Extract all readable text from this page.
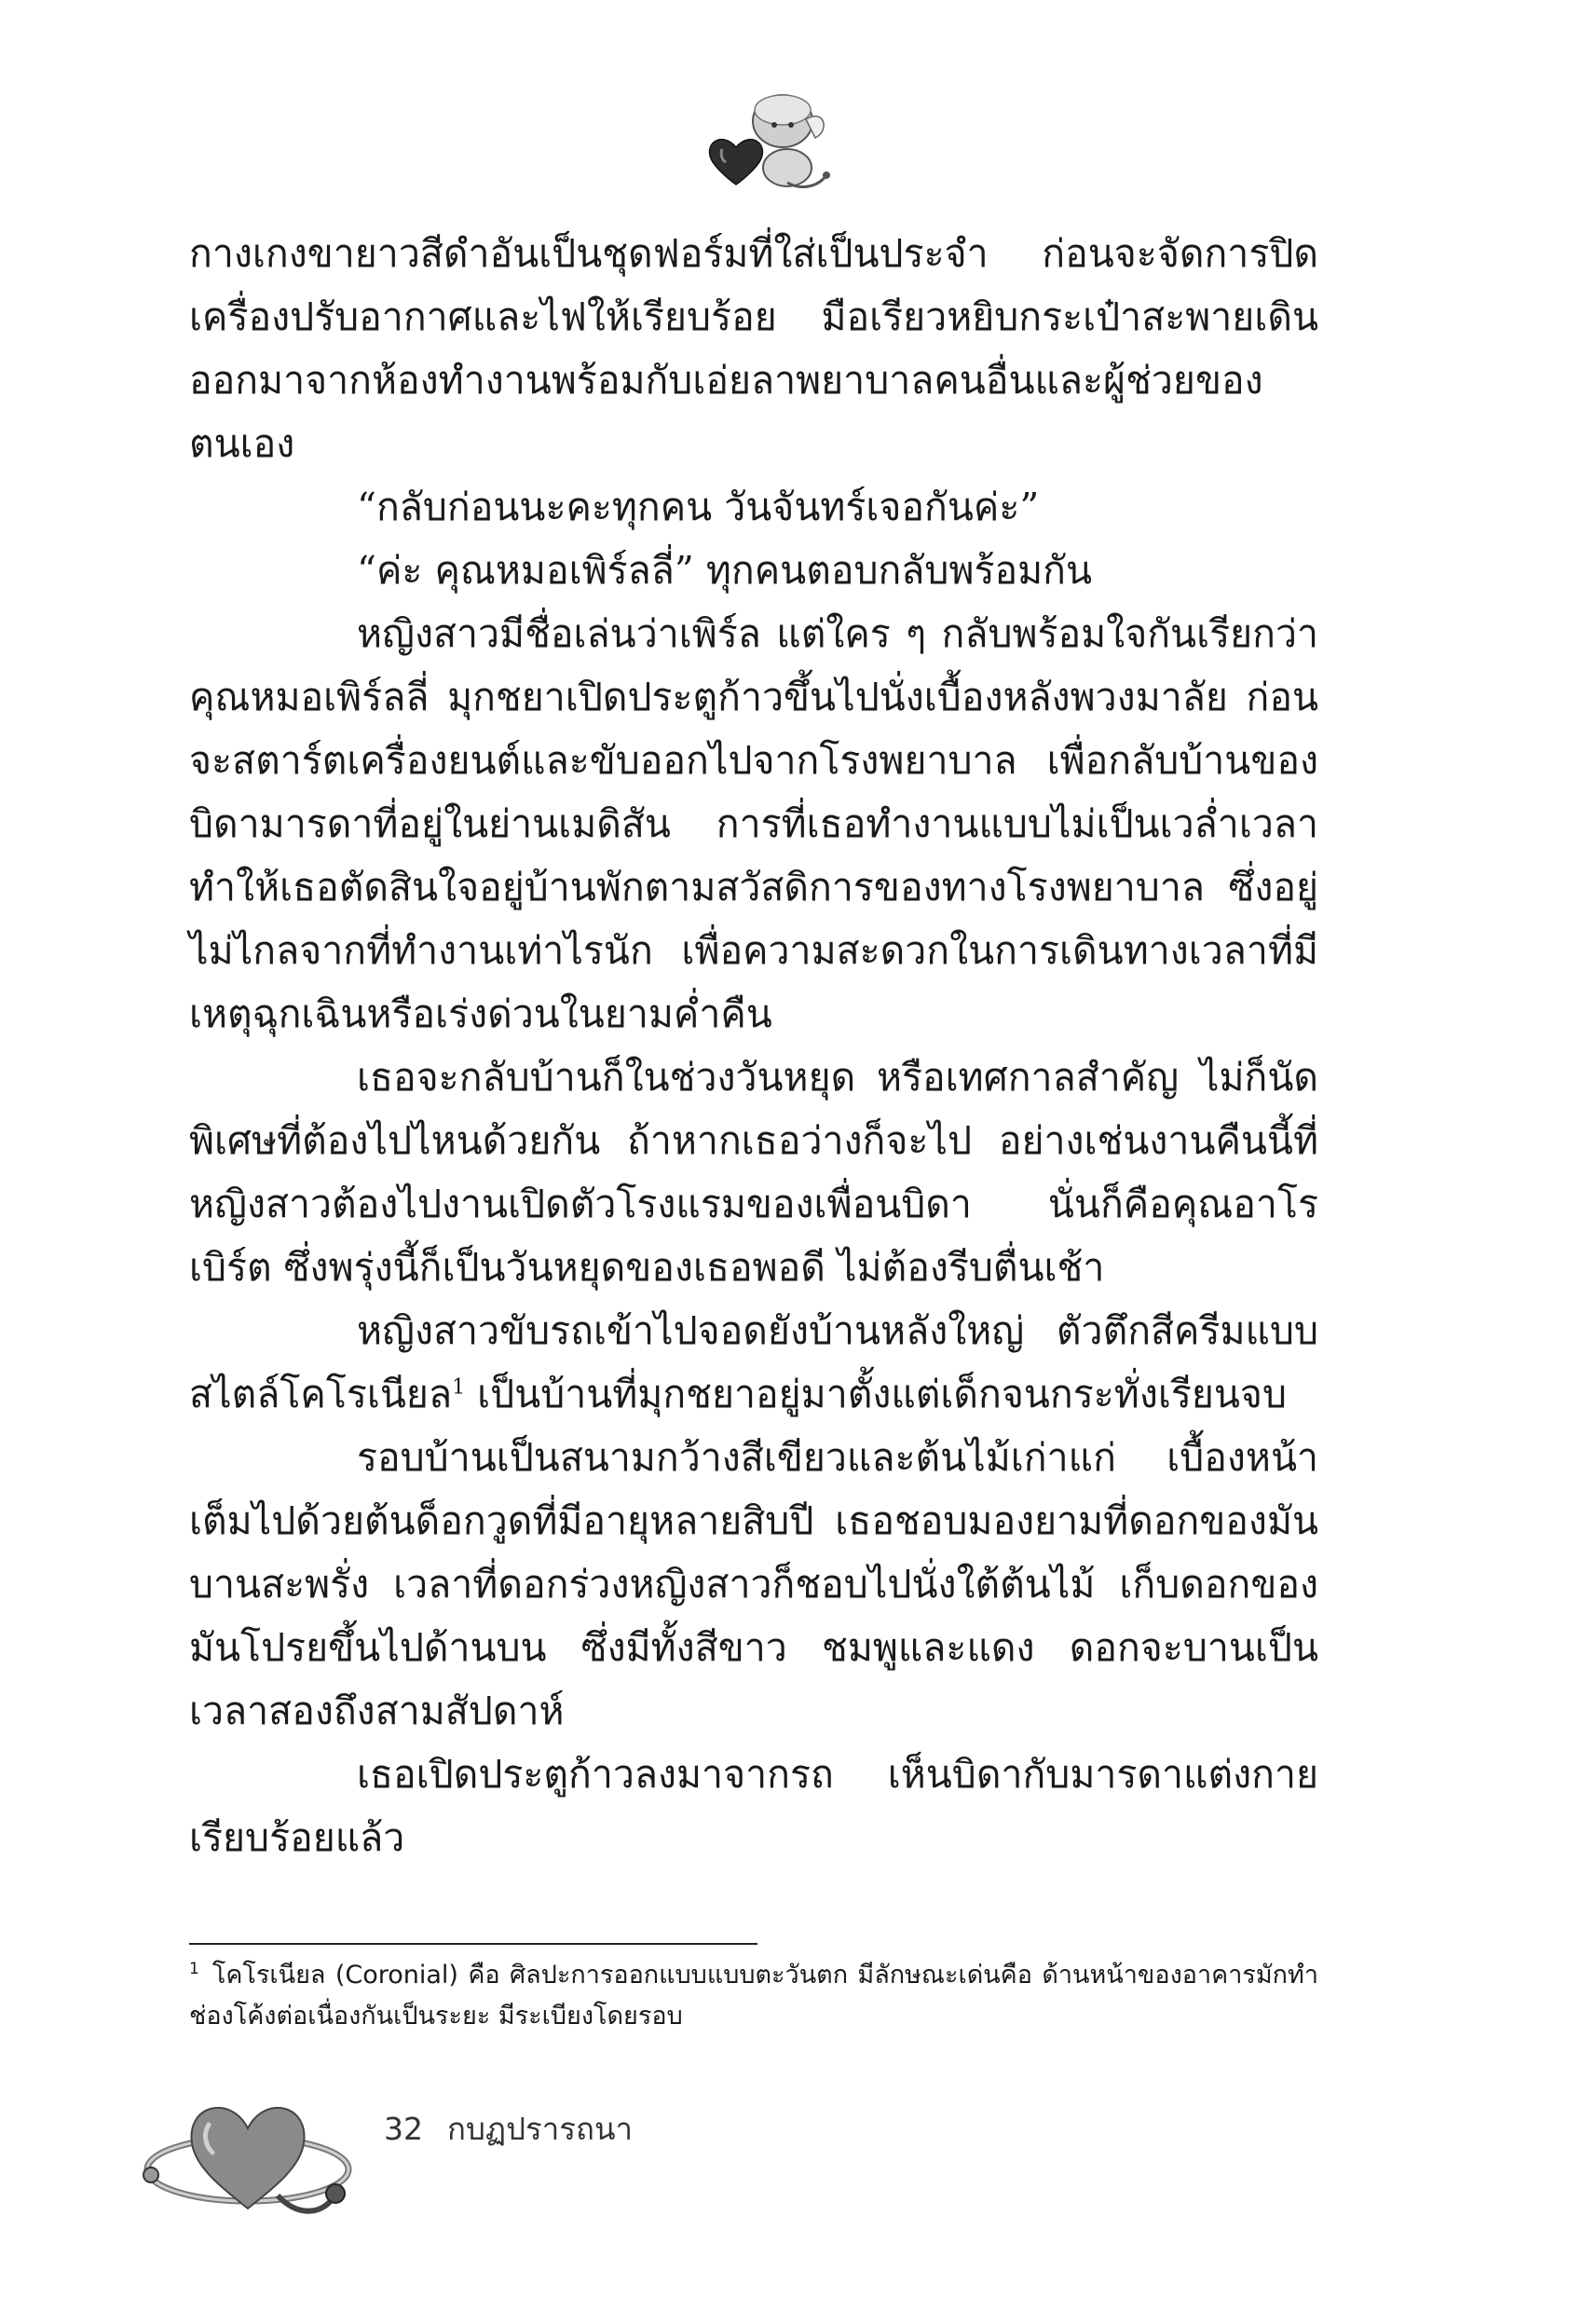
กางเกงขายาวสีดำอันเป็นชุดฟอร์มที่ใส่เป็นประจำ ก่อนจะจัดการปิดเครื่องปรับอากาศและไฟให้เรียบร้อย มือเรียวหยิบกระเป๋าสะพายเดินออกมาจากห้องทำงานพร้อมกับเอ่ยลาพยาบาลคนอื่นและผู้ช่วยของตนเอง

“กลับก่อนนะคะทุกคน วันจันทร์เจอกันค่ะ”

“ค่ะ คุณหมอเพิร์ลลี่” ทุกคนตอบกลับพร้อมกัน

หญิงสาวมีชื่อเล่นว่าเพิร์ล แต่ใคร ๆ กลับพร้อมใจกันเรียกว่าคุณหมอเพิร์ลลี่ มุกชยาเปิดประตูก้าวขึ้นไปนั่งเบื้องหลังพวงมาลัย ก่อนจะสตาร์ตเครื่องยนต์และขับออกไปจากโรงพยาบาล เพื่อกลับบ้านของบิดามารดาที่อยู่ในย่านเมดิสัน การที่เธอทำงานแบบไม่เป็นเวล่ำเวลาทำให้เธอตัดสินใจอยู่บ้านพักตามสวัสดิการของทางโรงพยาบาล ซึ่งอยู่ไม่ไกลจากที่ทำงานเท่าไรนัก เพื่อความสะดวกในการเดินทางเวลาที่มีเหตุฉุกเฉินหรือเร่งด่วนในยามค่ำคืน

เธอจะกลับบ้านก็ในช่วงวันหยุด หรือเทศกาลสำคัญ ไม่ก็นัดพิเศษที่ต้องไปไหนด้วยกัน ถ้าหากเธอว่างก็จะไป อย่างเช่นงานคืนนี้ที่หญิงสาวต้องไปงานเปิดตัวโรงแรมของเพื่อนบิดา นั่นก็คือคุณอาโรเบิร์ต ซึ่งพรุ่งนี้ก็เป็นวันหยุดของเธอพอดี ไม่ต้องรีบตื่นเช้า

หญิงสาวขับรถเข้าไปจอดยังบ้านหลังใหญ่ ตัวตึกสีครีมแบบสไตล์โคโรเนียล$^1$ เป็นบ้านที่มุกชยาอยู่มาตั้งแต่เด็กจนกระทั่งเรียนจบ

รอบบ้านเป็นสนามกว้างสีเขียวและต้นไม้เก่าแก่ เบื้องหน้าเต็มไปด้วยต้นด็อกวูดที่มีอายุหลายสิบปี เธอชอบมองยามที่ดอกของมันบานสะพรั่ง เวลาที่ดอกร่วงหญิงสาวก็ชอบไปนั่งใต้ต้นไม้ เก็บดอกของมันโปรยขึ้นไปด้านบน ซึ่งมีทั้งสีขาว ชมพูและแดง ดอกจะบานเป็นเวลาสองถึงสามสัปดาห์

เธอเปิดประตูก้าวลงมาจากรถ เห็นบิดากับมารดาแต่งกายเรียบร้อยแล้ว

$^1$ โคโรเนียล (Coronial) คือ ศิลปะการออกแบบแบบตะวันตก มีลักษณะเด่นคือ ด้านหน้าของอาคารมักทำช่องโค้งต่อเนื่องกันเป็นระยะ มีระเบียงโดยรอบ

32 กบฏปรารถนา
